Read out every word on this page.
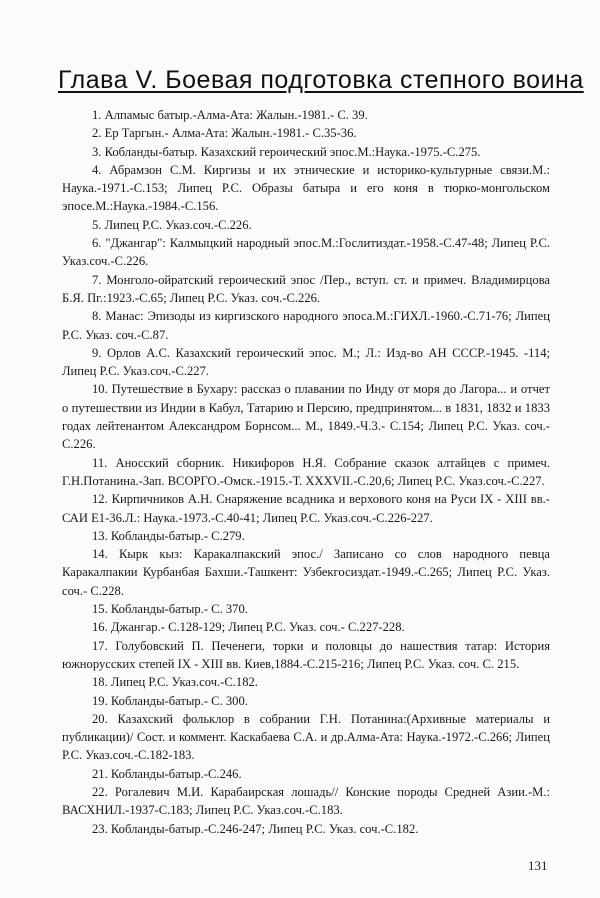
Глава V. Боевая подготовка степного воина

1. Алпамыс батыр.-Алма-Ата: Жалын.-1981.- С. 39.

2. Ер Таргын.- Алма-Ата: Жалын.-1981.- С.35-36.

3. Кобланды-батыр. Казахский героический эпос.М.:Наука.-1975.-С.275.

4. Абрамзон С.М. Киргизы и их этнические и историко-культурные связи.М.: Наука.-1971.-С.153; Липец Р.С. Образы батыра и его коня в тюрко-монгольском эпосе.М.:Наука.-1984.-С.156.

5. Липец Р.С. Указ.соч.-С.226.

6. "Джангар": Калмыцкий народный эпос.М.:Гослитиздат.-1958.-С.47-48; Липец Р.С. Указ.соч.-С.226.

7. Монголо-ойратский героический эпос /Пер., вступ. ст. и примеч. Владимирцова Б.Я. Пг.:1923.-С.65; Липец Р.С. Указ. соч.-С.226.

8. Манас: Эпизоды из киргизского народного эпоса.М.:ГИХЛ.-1960.-С.71-76; Липец Р.С. Указ. соч.-С.87.

9. Орлов А.С. Казахский героический эпос. М.; Л.: Изд-во АН СССР.-1945. -114; Липец Р.С. Указ.соч.-С.227.

10. Путешествие в Бухару: рассказ о плавании по Инду от моря до Лагора... и отчет о путешествии из Индии в Кабул, Татарию и Персию, предпринятом... в 1831, 1832 и 1833 годах лейтенантом Александром Борнсом... М., 1849.-Ч.3.- С.154; Липец Р.С. Указ. соч.-С.226.

11. Аносский сборник. Никифоров Н.Я. Собрание сказок алтайцев с примеч. Г.Н.Потанина.-Зап. ВСОРГО.-Омск.-1915.-Т. XXXVII.-С.20,6; Липец Р.С. Указ.соч.-С.227.

12. Кирпичников А.Н. Снаряжение всадника и верхового коня на Руси IX - XIII вв.- САИ Е1-36.Л.: Наука.-1973.-С.40-41; Липец Р.С. Указ.соч.-С.226-227.

13. Кобланды-батыр.- С.279.

14. Кырк кыз: Каракалпакский эпос./ Записано со слов народного певца Каракалпакии Курбанбая Бахши.-Ташкент: Узбекгосиздат.-1949.-С.265; Липец Р.С. Указ. соч.- С.228.

15. Кобланды-батыр.- С. 370.

16. Джангар.- С.128-129; Липец Р.С. Указ. соч.- С.227-228.

17. Голубовский П. Печенеги, торки и половцы до нашествия татар: История южнорусских степей IX - XIII вв. Киев,1884.-С.215-216; Липец Р.С. Указ. соч. С. 215.

18. Липец Р.С. Указ.соч.-С.182.

19. Кобланды-батыр.- С. 300.

20. Казахский фольклор в собрании Г.Н. Потанина:(Архивные материалы и публикации)/ Сост. и коммент. Каскабаева С.А. и др.Алма-Ата: Наука.-1972.-С.266; Липец Р.С. Указ.соч.-С.182-183.

21. Кобланды-батыр.-С.246.

22. Рогалевич М.И. Карабаирская лошадь// Конские породы Средней Азии.-М.: ВАСХНИЛ.-1937-С.183; Липец Р.С. Указ.соч.-С.183.

23. Кобланды-батыр.-С.246-247; Липец Р.С. Указ. соч.-С.182.

131
